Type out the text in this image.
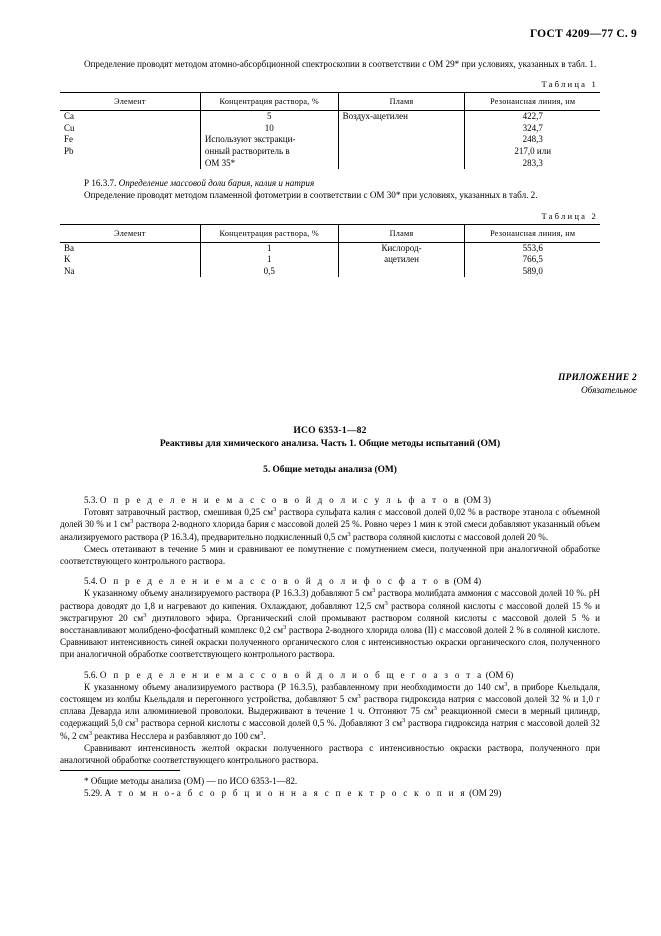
ГОСТ 4209—77 С. 9

Определение проводят методом атомно-абсорбционной спектроскопии в соответствии с ОМ 29* при условиях, указанных в табл. 1.

Таблица 1
Элемент	Концентрация раствора, %	Пламя	Резонансная линия, нм
Ca	5	Воздух-ацетилен	422,7
Cu	10		324,7
Fe	Используют экстракци-		248,3
Pb	онный растворитель в		217,0 или
	ОМ 35*		283,3

Р 16.3.7. Определение массовой доли бария, калия и натрия

Определение проводят методом пламенной фотометрии в соответствии с ОМ 30* при условиях, указанных в табл. 2.

Таблица 2
Элемент	Концентрация раствора, %	Пламя	Резонансная линия, нм
Ba	1	Кислород-	553,6
K	1	ацетилен	766,5
Na	0,5		589,0
ПРИЛОЖЕНИЕ 2
Обязательное
ИСО 6353-1—82
Реактивы для химического анализа. Часть 1. Общие методы испытаний (ОМ)
5. Общие методы анализа (ОМ)

5.3. О п р е д е л е н и е м а с с о в о й д о л и с у л ь ф а т о в (ОМ 3)

Готовят затравочный раствор, смешивая 0,25 $см^3$ раствора сульфата калия с массовой долей 0,02 % в растворе этанола с объемной долей 30 % и 1 $см^3$ раствора 2-водного хлорида бария с массовой долей 25 %. Ровно через 1 мин к этой смеси добавляют указанный объем анализируемого раствора (Р 16.3.4), предварительно подкисленный 0,5 $см^3$ раствора соляной кислоты с массовой долей 20 %.

Смесь отетаивают в течение 5 мин и сравнивают ее помутнение с помутнением смеси, полученной при аналогичной обработке соответствующего контрольного раствора.

5.4. О п р е д е л е н и е м а с с о в о й д о л и ф о с ф а т о в (ОМ 4)

К указанному объему анализируемого раствора (Р 16.3.3) добавляют 5 $см^3$ раствора молибдата аммония с массовой долей 10 %. pH раствора доводят до 1,8 и нагревают до кипения. Охлаждают, добавляют 12,5 $см^3$ раствора соляной кислоты с массовой долей 15 % и экстрагируют 20 $см^3$ диэтилового эфира. Органический слой промывают раствором соляной кислоты с массовой долей 5 % и восстанавливают молибдено-фосфатный комплекс 0,2 $см^3$ раствора 2-водного хлорида олова (II) с массовой долей 2 % в соляной кислоте. Сравнивают интенсивность синей окраски полученного органического слоя с интенсивностью окраски органического слоя, полученного при аналогичной обработке соответствующего контрольного раствора.

5.6. О п р е д е л е н и е м а с с о в о й д о л и о б щ е г о а з о т а (ОМ 6)

К указанному объему анализируемого раствора (Р 16.3.5), разбавленному при необходимости до 140 $см^3$, в приборе Кьельдаля, состоящем из колбы Кьельдаля и перегонного устройства, добавляют 5 $см^3$ раствора гидроксида натрия с массовой долей 32 % и 1,0 г сплава Деварда или алюминиевой проволоки. Выдерживают в течение 1 ч. Отгоняют 75 $см^3$ реакционной смеси в мерный цилиндр, содержащий 5,0 $см^3$ раствора серной кислоты с массовой долей 0,5 %. Добавляют 3 $см^3$ раствора гидроксида натрия с массовой долей 32 %, 2 $см^3$ реактива Несслера и разбавляют до 100 $см^3$.

Сравнивают интенсивность желтой окраски полученного раствора с интенсивностью окраски раствора, полученного при аналогичной обработке соответствующего контрольного раствора.

* Общие методы анализа (ОМ) — по ИСО 6353-1—82.

5.29. А т о м н о-а б с о р б ц и о н н а я с п е к т р о с к о п и я (ОМ 29)
